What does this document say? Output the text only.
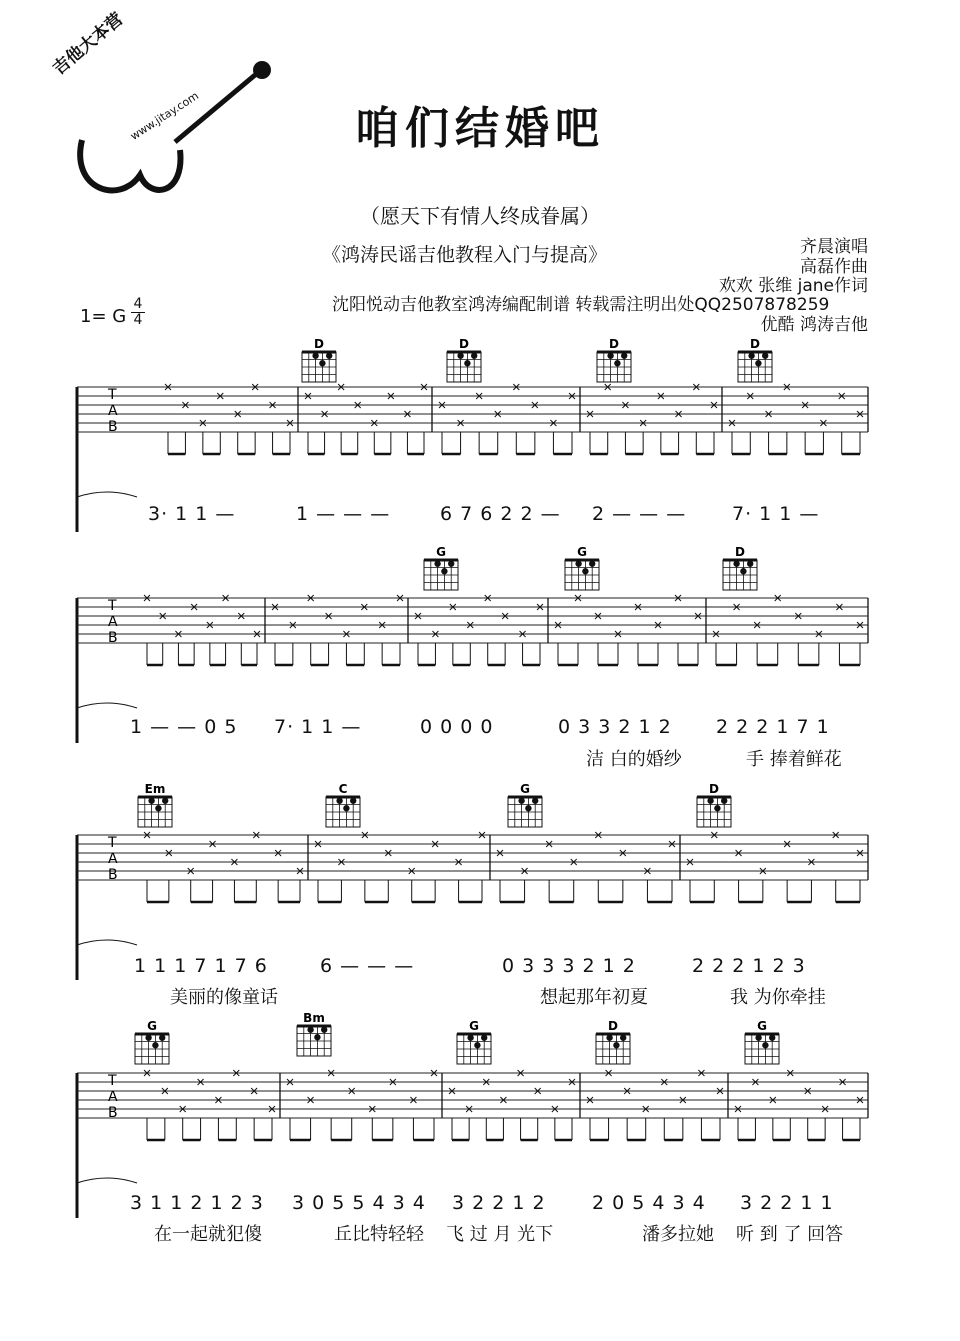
吉他大本营
www.jitay.com	咱们结婚吧
（愿天下有情人终成眷属）
《鸿涛民谣吉他教程入门与提高》	齐晨演唱
高磊作曲
欢欢 张维 jane作词
沈阳悦动吉他教室鸿涛编配制谱 转载需注明出处QQ2507878259
优酷 鸿涛吉他
1= G
4
4
T
A
B
T
A
B
T
A
B
T
A
B
D	D	D	D
G	G	D
Em	C	G	D
G
Bm
G	D	G
3· 1 1 —	1 — — —	6 7 6 2 2 — 2 — — — 7· 1 1 —
1 — — 0 5 7· 1 1 —	0 0 0 0	0 3 3 2 1 2 2 2 2 1 7 1
洁 白的婚纱	手 捧着鲜花
1 1 1 7 1 7 6	6 — — —	0 3 3 3 2 1 2	2 2 2 1 2 3
美丽的像童话	想起那年初夏	我 为你牵挂
3 1 1 2 1 2 3 3 0 5 5 4 3 4 3 2 2 1 2 2 0 5 4 3 4 3 2 2 1 1
在一起就犯傻	丘比特轻轻 飞 过 月 光下	潘多拉她 听 到 了 回答
